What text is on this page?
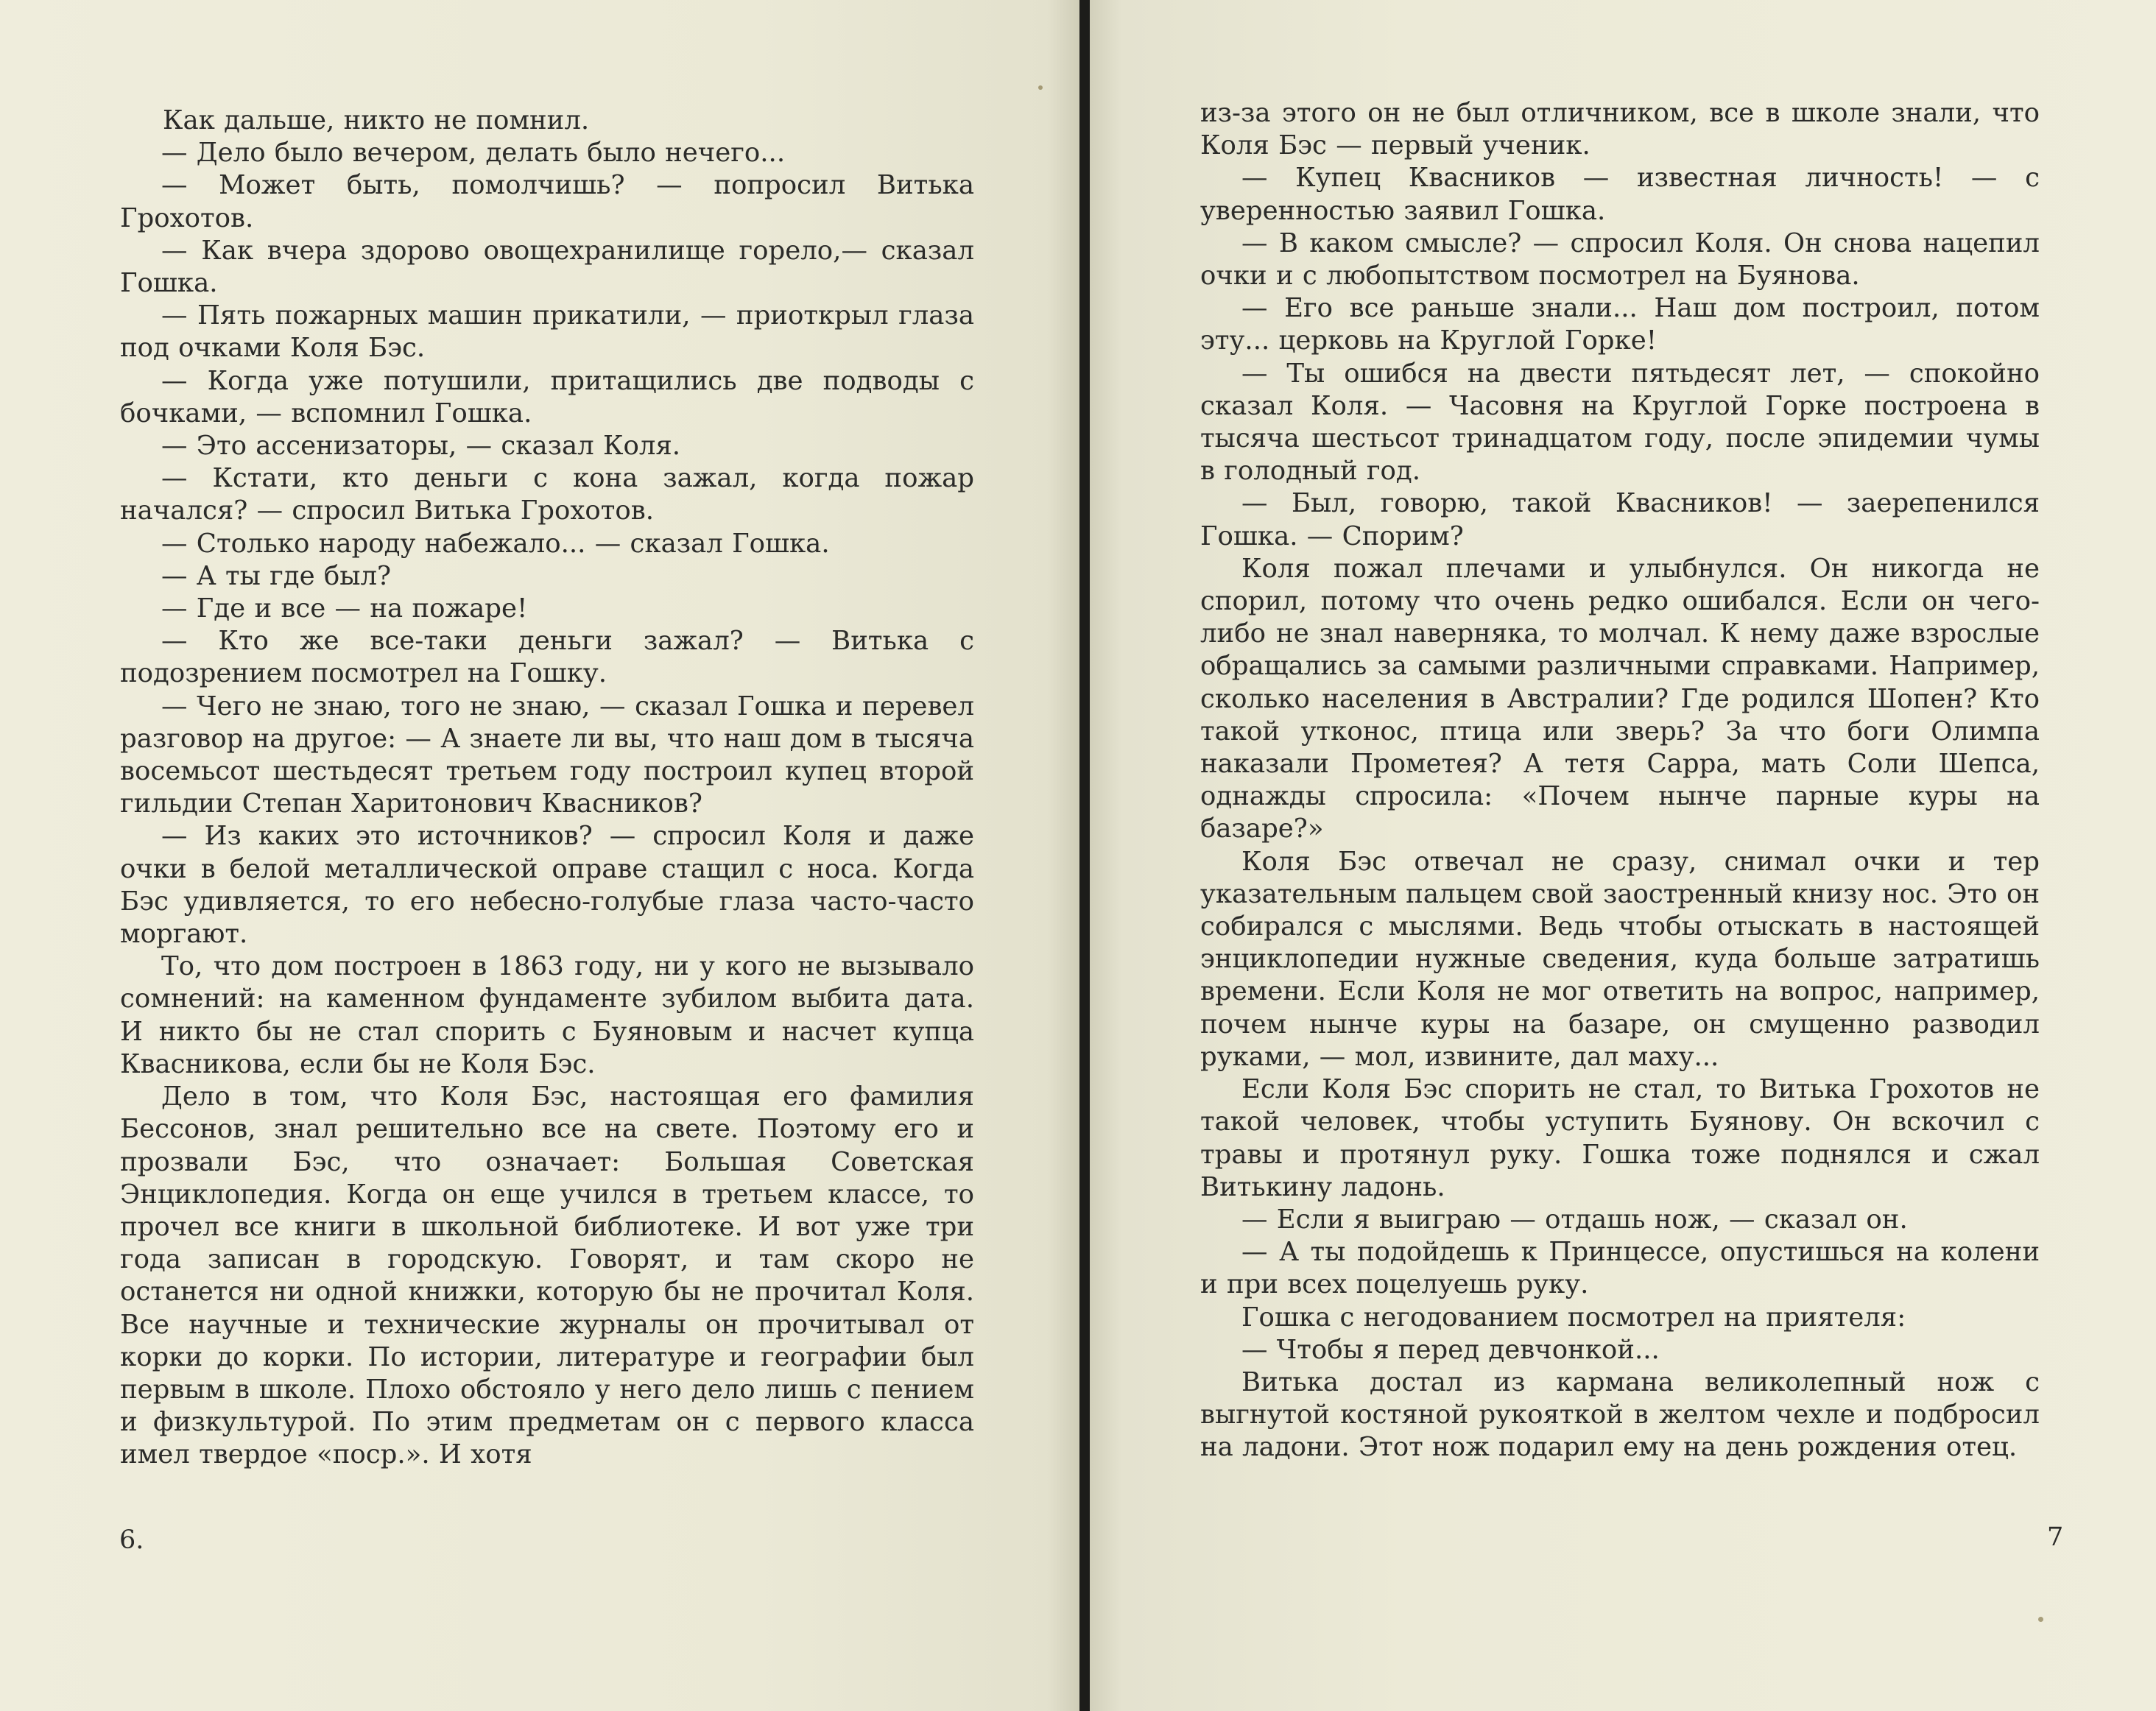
Как дальше, никто не помнил.

— Дело было вечером, делать было нечего...

— Может быть, помолчишь? — попросил Витька Грохотов.

— Как вчера здорово овощехранилище горело,— сказал Гошка.

— Пять пожарных машин прикатили, — приоткрыл глаза под очками Коля Бэс.

— Когда уже потушили, притащились две подводы с бочками, — вспомнил Гошка.

— Это ассенизаторы, — сказал Коля.

— Кстати, кто деньги с кона зажал, когда пожар начался? — спросил Витька Грохотов.

— Столько народу набежало... — сказал Гошка.

— А ты где был?

— Где и все — на пожаре!

— Кто же все-таки деньги зажал? — Витька с подозрением посмотрел на Гошку.

— Чего не знаю, того не знаю, — сказал Гошка и перевел разговор на другое: — А знаете ли вы, что наш дом в тысяча восемьсот шестьдесят третьем году построил купец второй гильдии Степан Харитонович Квасников?

— Из каких это источников? — спросил Коля и даже очки в белой металлической оправе стащил с носа. Когда Бэс удивляется, то его небесно-голубые глаза часто-часто моргают.

То, что дом построен в 1863 году, ни у кого не вызывало сомнений: на каменном фундаменте зубилом выбита дата. И никто бы не стал спорить с Буяновым и насчет купца Квасникова, если бы не Коля Бэс.

Дело в том, что Коля Бэс, настоящая его фамилия Бессонов, знал решительно все на свете. Поэтому его и прозвали Бэс, что означает: Большая Советская Энциклопедия. Когда он еще учился в третьем классе, то прочел все книги в школьной библиотеке. И вот уже три года записан в городскую. Говорят, и там скоро не останется ни одной книжки, которую бы не прочитал Коля. Все научные и технические журналы он прочитывал от корки до корки. По истории, литературе и географии был первым в школе. Плохо обстояло у него дело лишь с пением и физкультурой. По этим предметам он с первого класса имел твердое «поср.». И хотя

6.

из-за этого он не был отличником, все в школе знали, что Коля Бэс — первый ученик.

— Купец Квасников — известная личность! — с уверенностью заявил Гошка.

— В каком смысле? — спросил Коля. Он снова нацепил очки и с любопытством посмотрел на Буянова.

— Его все раньше знали... Наш дом построил, потом эту... церковь на Круглой Горке!

— Ты ошибся на двести пятьдесят лет, — спокойно сказал Коля. — Часовня на Круглой Горке построена в тысяча шестьсот тринадцатом году, после эпидемии чумы в голодный год.

— Был, говорю, такой Квасников! — заерепенился Гошка. — Спорим?

Коля пожал плечами и улыбнулся. Он никогда не спорил, потому что очень редко ошибался. Если он чего-либо не знал наверняка, то молчал. К нему даже взрослые обращались за самыми различными справками. Например, сколько населения в Австралии? Где родился Шопен? Кто такой утконос, птица или зверь? За что боги Олимпа наказали Прометея? А тетя Сарра, мать Соли Шепса, однажды спросила: «Почем нынче парные куры на базаре?»

Коля Бэс отвечал не сразу, снимал очки и тер указательным пальцем свой заостренный книзу нос. Это он собирался с мыслями. Ведь чтобы отыскать в настоящей энциклопедии нужные сведения, куда больше затратишь времени. Если Коля не мог ответить на вопрос, например, почем нынче куры на базаре, он смущенно разводил руками, — мол, извините, дал маху...

Если Коля Бэс спорить не стал, то Витька Грохотов не такой человек, чтобы уступить Буянову. Он вскочил с травы и протянул руку. Гошка тоже поднялся и сжал Витькину ладонь.

— Если я выиграю — отдашь нож, — сказал он.

— А ты подойдешь к Принцессе, опустишься на колени и при всех поцелуешь руку.

Гошка с негодованием посмотрел на приятеля:

— Чтобы я перед девчонкой...

Витька достал из кармана великолепный нож с выгнутой костяной рукояткой в желтом чехле и подбросил на ладони. Этот нож подарил ему на день рождения отец.

7
